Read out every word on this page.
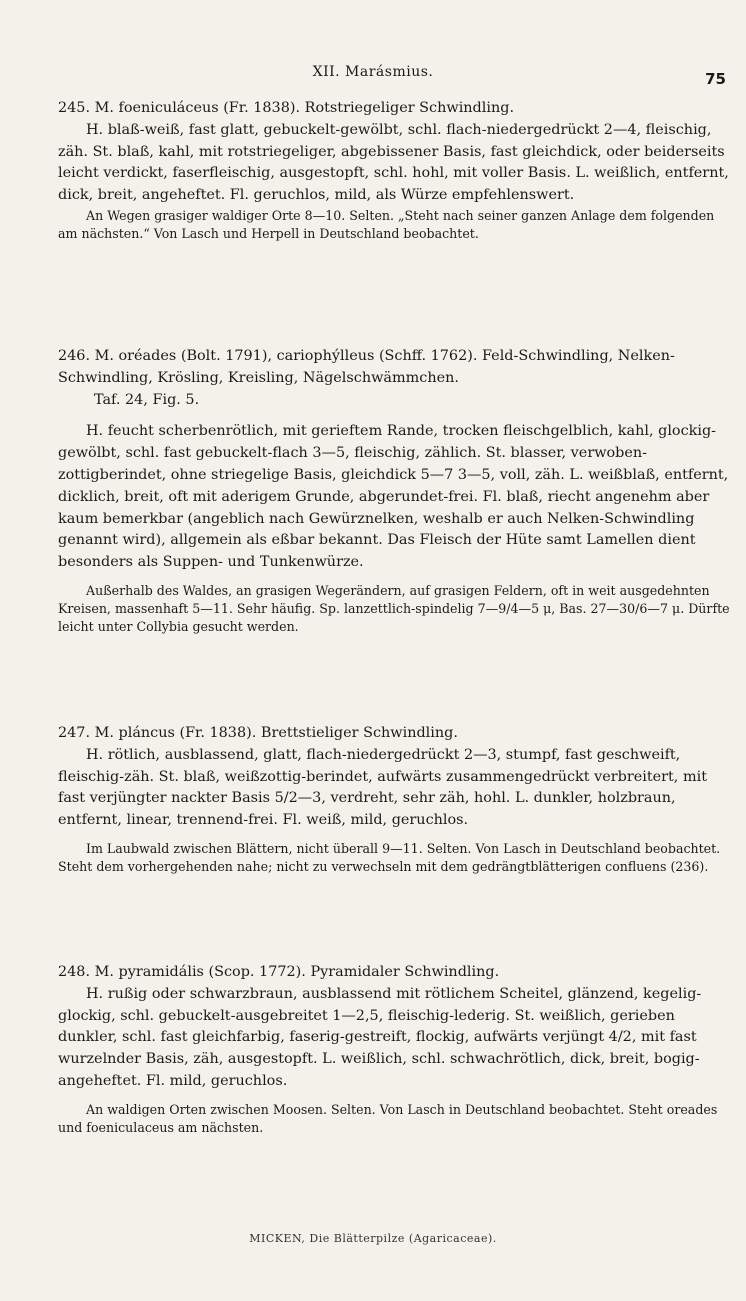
XII. Marásmius.	75

245. M. foeniculáceus (Fr. 1838). Rotstriegeliger Schwindling.

H. blaß-weiß, fast glatt, gebuckelt-gewölbt, schl. flach-niedergedrückt 2—4, fleischig, zäh. St. blaß, kahl, mit rotstriegeliger, abgebissener Basis, fast gleichdick, oder beiderseits leicht verdickt, faserfleischig, ausgestopft, schl. hohl, mit voller Basis. L. weißlich, entfernt, dick, breit, angeheftet. Fl. geruchlos, mild, als Würze empfehlenswert.

An Wegen grasiger waldiger Orte 8—10. Selten. „Steht nach seiner ganzen Anlage dem folgenden am nächsten.“ Von Lasch und Herpell in Deutschland beobachtet.

246. M. oréades (Bolt. 1791), cariophýlleus (Schff. 1762). Feld-Schwindling, Nelken-Schwindling, Krösling, Kreisling, Nägelschwämmchen.

Taf. 24, Fig. 5.

H. feucht scherbenrötlich, mit gerieftem Rande, trocken fleischgelblich, kahl, glockig-gewölbt, schl. fast gebuckelt-flach 3—5, fleischig, zählich. St. blasser, verwoben-zottigberindet, ohne striegelige Basis, gleichdick 5—7 3—5, voll, zäh. L. weißblaß, entfernt, dicklich, breit, oft mit aderigem Grunde, abgerundet-frei. Fl. blaß, riecht angenehm aber kaum bemerkbar (angeblich nach Gewürznelken, weshalb er auch Nelken-Schwindling genannt wird), allgemein als eßbar bekannt. Das Fleisch der Hüte samt Lamellen dient besonders als Suppen- und Tunkenwürze.

Außerhalb des Waldes, an grasigen Wegerändern, auf grasigen Feldern, oft in weit ausgedehnten Kreisen, massenhaft 5—11. Sehr häufig. Sp. lanzettlich-spindelig 7—9/4—5 μ, Bas. 27—30/6—7 μ. Dürfte leicht unter Collybia gesucht werden.

247. M. pláncus (Fr. 1838). Brettstieliger Schwindling.

H. rötlich, ausblassend, glatt, flach-niedergedrückt 2—3, stumpf, fast geschweift, fleischig-zäh. St. blaß, weißzottig-berindet, aufwärts zusammengedrückt verbreitert, mit fast verjüngter nackter Basis 5/2—3, verdreht, sehr zäh, hohl. L. dunkler, holzbraun, entfernt, linear, trennend-frei. Fl. weiß, mild, geruchlos.

Im Laubwald zwischen Blättern, nicht überall 9—11. Selten. Von Lasch in Deutschland beobachtet. Steht dem vorhergehenden nahe; nicht zu verwechseln mit dem gedrängtblätterigen confluens (236).

248. M. pyramidális (Scop. 1772). Pyramidaler Schwindling.

H. rußig oder schwarzbraun, ausblassend mit rötlichem Scheitel, glänzend, kegelig-glockig, schl. gebuckelt-ausgebreitet 1—2,5, fleischig-lederig. St. weißlich, gerieben dunkler, schl. fast gleichfarbig, faserig-gestreift, flockig, aufwärts verjüngt 4/2, mit fast wurzelnder Basis, zäh, ausgestopft. L. weißlich, schl. schwachrötlich, dick, breit, bogig-angeheftet. Fl. mild, geruchlos.

An waldigen Orten zwischen Moosen. Selten. Von Lasch in Deutschland beobachtet. Steht oreades und foeniculaceus am nächsten.

MICKEN, Die Blätterpilze (Agaricaceae).
